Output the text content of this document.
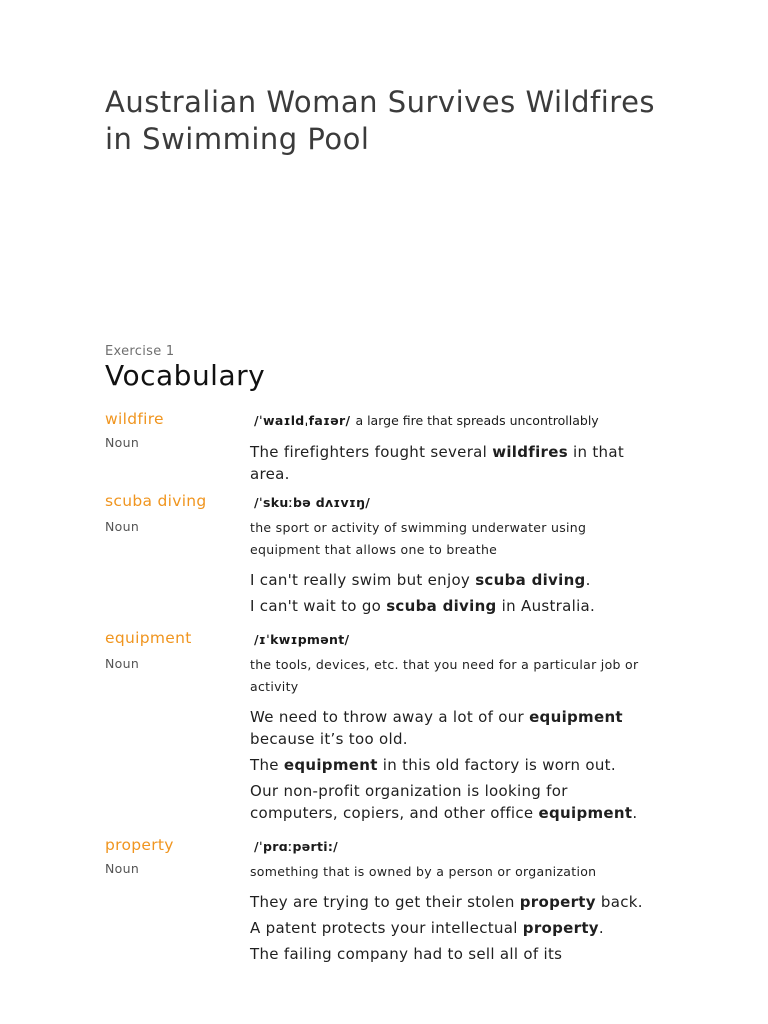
Australian Woman Survives Wildfires in Swimming Pool
Exercise 1
Vocabulary
wildfire
Noun
/ˈwaɪldˌfaɪər/ a large fire that spreads uncontrollably
The firefighters fought several wildfires in that area.
scuba diving
Noun
/ˈskuːbə dʌɪvɪŋ/
the sport or activity of swimming underwater using equipment that allows one to breathe
I can't really swim but enjoy scuba diving.
I can't wait to go scuba diving in Australia.
equipment
Noun
/ɪˈkwɪpmənt/
the tools, devices, etc. that you need for a particular job or activity
We need to throw away a lot of our equipment because it’s too old.
The equipment in this old factory is worn out.
Our non-profit organization is looking for computers, copiers, and other office equipment.
property
Noun
/ˈprɑːpərti:/
something that is owned by a person or organization
They are trying to get their stolen property back.
A patent protects your intellectual property.
The failing company had to sell all of its
